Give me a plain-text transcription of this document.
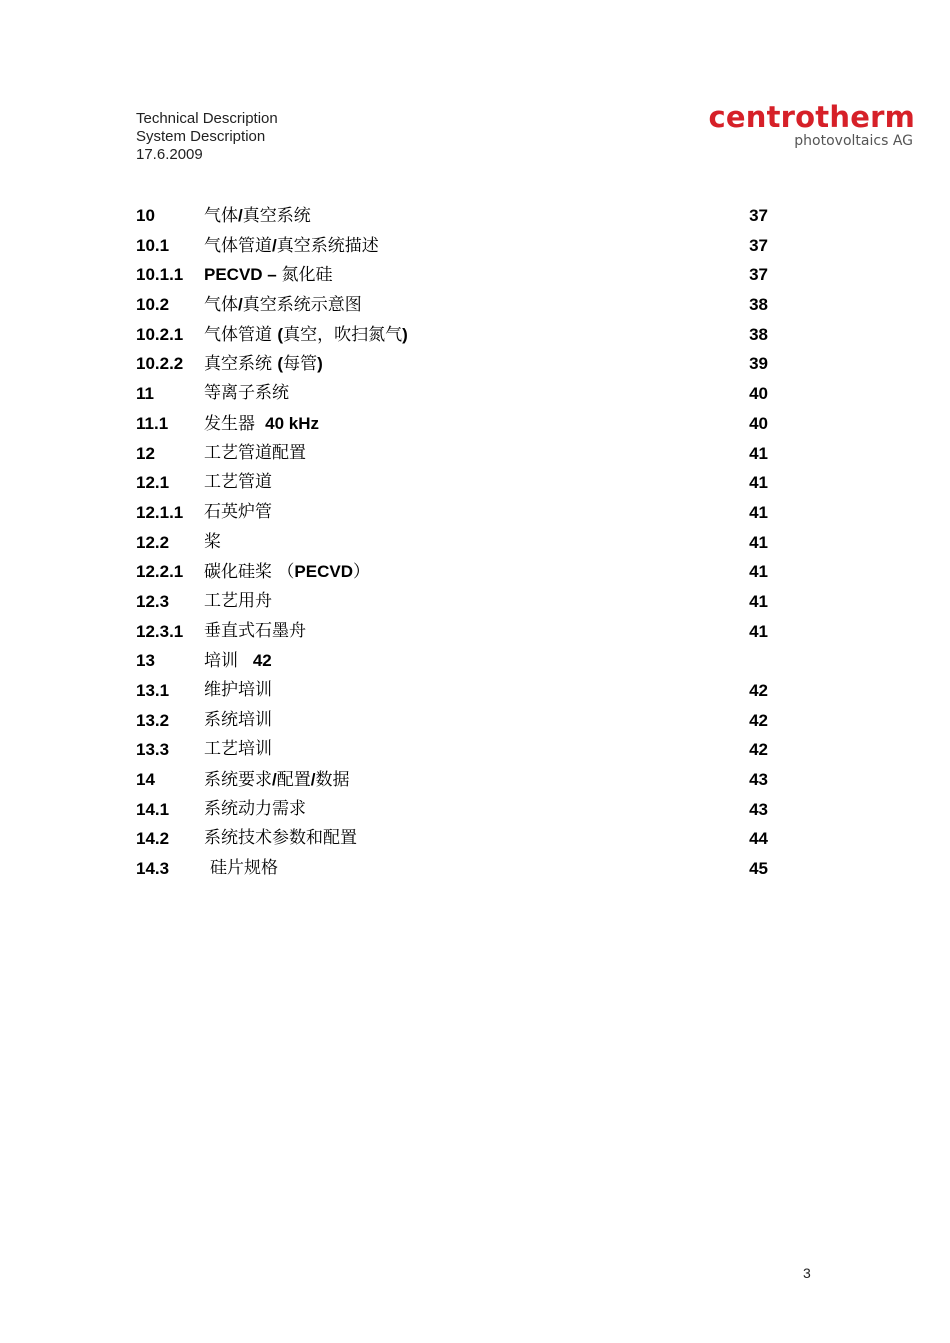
Technical Description
System Description
17.6.2009
centrotherm
photovoltaics AG
10	气体/真空系统	37
10.1 气体管道/真空系统描述	37
10.1.1 PECVD – 氮化硅	37
10.2 气体/真空系统示意图	38
10.2.1 气体管道 (真空，吹扫氮气)	38
10.2.2 真空系统 (每管)	39
11	等离子系统	40
11.1 发生器  40 kHz	40
12	工艺管道配置	41
12.1 工艺管道	41
12.1.1 石英炉管	41
12.2 桨	41
12.2.1 碳化硅桨 （PECVD）	41
12.3 工艺用舟	41
12.3.1 垂直式石墨舟	41
13	培训   42
13.1 维护培训	42
13.2 系统培训	42
13.3 工艺培训	42
14	系统要求/配置/数据	43
14.1 系统动力需求	43
14.2 系统技术参数和配置	44
14.3 硅片规格	45
3
